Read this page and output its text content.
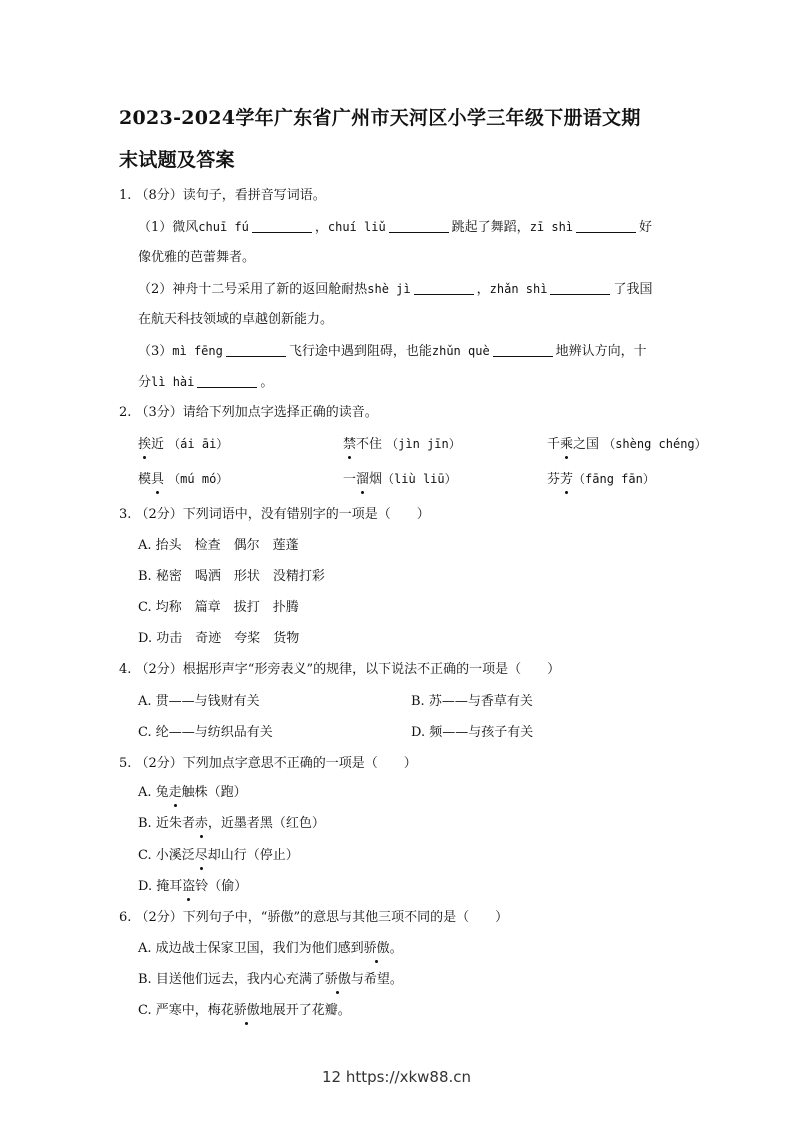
2023-2024学年广东省广州市天河区小学三年级下册语文期
末试题及答案
1. （8分）读句子，看拼音写词语。
（1）微风chuī fú	，chuí liǔ	跳起了舞蹈，zī shì	好
像优雅的芭蕾舞者。
（2）神舟十二号采用了新的返回舱耐热shè jì	，zhǎn shì	了我国
在航天科技领域的卓越创新能力。
（3）mì fēng	飞行途中遇到阻碍，也能zhǔn què	地辨认方向，十
分lì hài	。
2. （3分）请给下列加点字选择正确的读音。
挨近 （ái āi）	禁不住 （jìn jīn）	千乘之国 （shèng chéng）
模具 （mú mó）	一溜烟（liù liū）	芬芳（fāng fān）
3. （2分）下列词语中，没有错别字的一项是（　　）
A. 抬头　检查　偶尔　莲蓬
B. 秘密　喝洒　形状　没精打彩
C. 均称　篇章　拔打　扑腾
D. 功击　奇迹　夸桨　货物
4. （2分）根据形声字“形旁表义”的规律，以下说法不正确的一项是（　　）
A. 贯——与钱财有关	B. 苏——与香草有关
C. 纶——与纺织品有关	D. 频——与孩子有关
5. （2分）下列加点字意思不正确的一项是（　　）
A. 兔走触株（跑）
B. 近朱者赤，近墨者黑（红色）
C. 小溪泛尽却山行（停止）
D. 掩耳盗铃（偷）
6. （2分）下列句子中，“骄傲”的意思与其他三项不同的是（　　）
A. 成边战士保家卫国，我们为他们感到骄傲。
B. 目送他们远去，我内心充满了骄傲与希望。
C. 严寒中，梅花骄傲地展开了花瓣。
12 https://xkw88.cn
